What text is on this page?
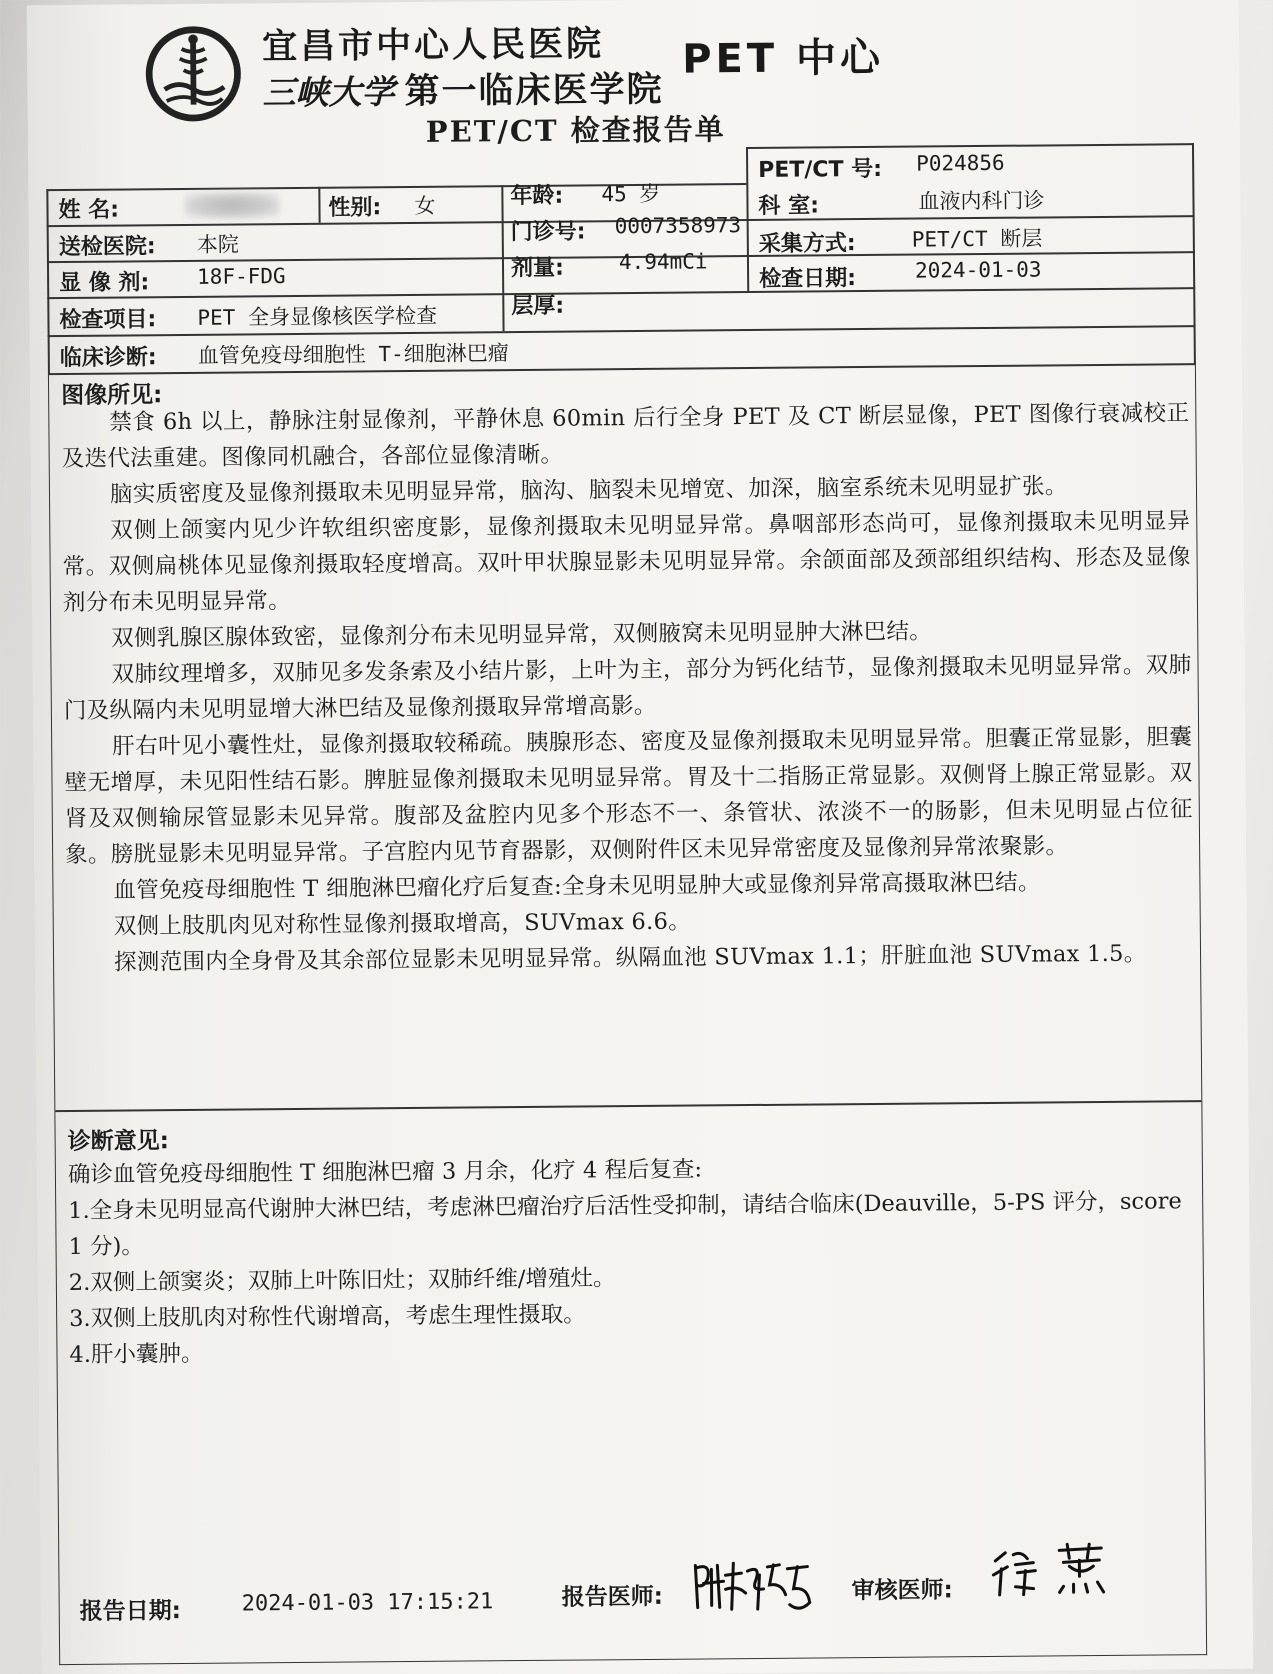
宜昌市中心人民医院
三峡大学 第一临床医学院
PET 中心
PET/CT 检查报告单
姓 名:	性别: 女	年龄: 45 岁
PET/CT 号: P024856
送检医院: 本院	门诊号: 0007358973
科 室:	血液内科门诊
显 像 剂: 18F-FDG	剂量:	4.94mCi
采集方式:	PET/CT 断层
检查项目: PET 全身显像核医学检查	层厚:
检查日期:	2024-01-03
临床诊断: 血管免疫母细胞性 T-细胞淋巴瘤
图像所见:

禁食 6h 以上，静脉注射显像剂，平静休息 60min 后行全身 PET 及 CT 断层显像，PET 图像行衰减校正及迭代法重建。图像同机融合，各部位显像清晰。

脑实质密度及显像剂摄取未见明显异常，脑沟、脑裂未见增宽、加深，脑室系统未见明显扩张。

双侧上颌窦内见少许软组织密度影，显像剂摄取未见明显异常。鼻咽部形态尚可，显像剂摄取未见明显异常。双侧扁桃体见显像剂摄取轻度增高。双叶甲状腺显影未见明显异常。余颌面部及颈部组织结构、形态及显像剂分布未见明显异常。

双侧乳腺区腺体致密，显像剂分布未见明显异常，双侧腋窝未见明显肿大淋巴结。

双肺纹理增多，双肺见多发条索及小结片影，上叶为主，部分为钙化结节，显像剂摄取未见明显异常。双肺门及纵隔内未见明显增大淋巴结及显像剂摄取异常增高影。

肝右叶见小囊性灶，显像剂摄取较稀疏。胰腺形态、密度及显像剂摄取未见明显异常。胆囊正常显影，胆囊壁无增厚，未见阳性结石影。脾脏显像剂摄取未见明显异常。胃及十二指肠正常显影。双侧肾上腺正常显影。双肾及双侧输尿管显影未见异常。腹部及盆腔内见多个形态不一、条管状、浓淡不一的肠影，但未见明显占位征象。膀胱显影未见明显异常。子宫腔内见节育器影，双侧附件区未见异常密度及显像剂异常浓聚影。

血管免疫母细胞性 T 细胞淋巴瘤化疗后复查:全身未见明显肿大或显像剂异常高摄取淋巴结。

双侧上肢肌肉见对称性显像剂摄取增高，SUVmax 6.6。

探测范围内全身骨及其余部位显影未见明显异常。纵隔血池 SUVmax 1.1；肝脏血池 SUVmax 1.5。

诊断意见:

确诊血管免疫母细胞性 T 细胞淋巴瘤 3 月余，化疗 4 程后复查:

1.全身未见明显高代谢肿大淋巴结，考虑淋巴瘤治疗后活性受抑制，请结合临床(Deauville，5-PS 评分，score 1 分)。

2.双侧上颌窦炎；双肺上叶陈旧灶；双肺纤维/增殖灶。

3.双侧上肢肌肉对称性代谢增高，考虑生理性摄取。

4.肝小囊肿。

报告日期:	2024-01-03 17:15:21	报告医师:	审核医师:
